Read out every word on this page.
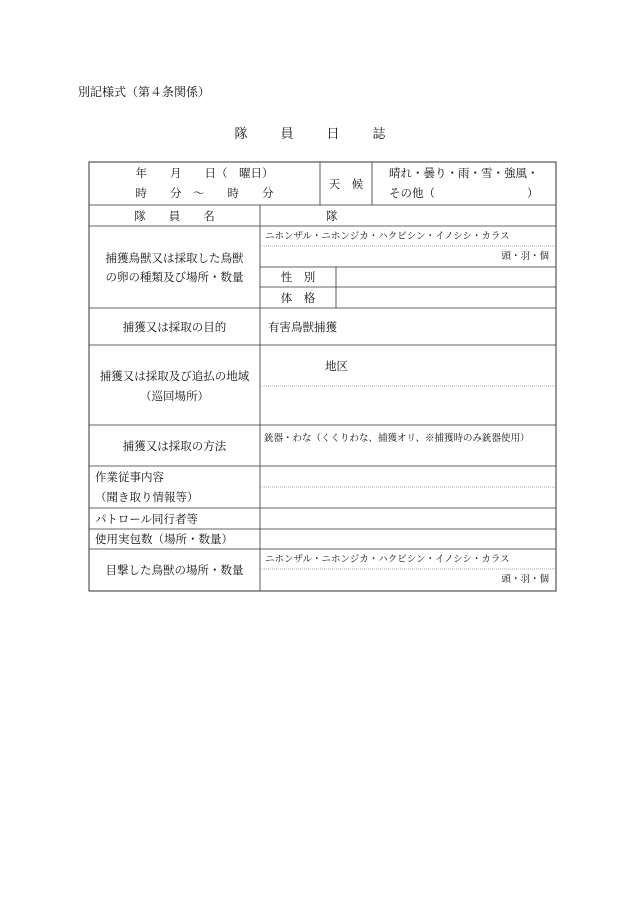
別記様式（第４条関係）
隊　員　日　誌
年　　月　　日（　曜日）
時　　分　～　　時　　分
天　候
晴れ・曇り・雨・雪・強風・
その他（　　　　　　　　）
隊　　員　　名	隊
捕獲鳥獣又は採取した鳥獣
の卵の種類及び場所・数量
ニホンザル・ニホンジカ・ハクビシン・イノシシ・カラス
頭・羽・個
性　別
体　格
捕獲又は採取の目的	有害鳥獣捕獲
捕獲又は採取及び追払の地域
（巡回場所）
地区
捕獲又は採取の方法
銃器・わな（くくりわな、捕獲オリ、※捕獲時のみ銃器使用）
作業従事内容
（聞き取り情報等）
パトロール同行者等
使用実包数（場所・数量）
目撃した鳥獣の場所・数量
ニホンザル・ニホンジカ・ハクビシン・イノシシ・カラス
頭・羽・個
